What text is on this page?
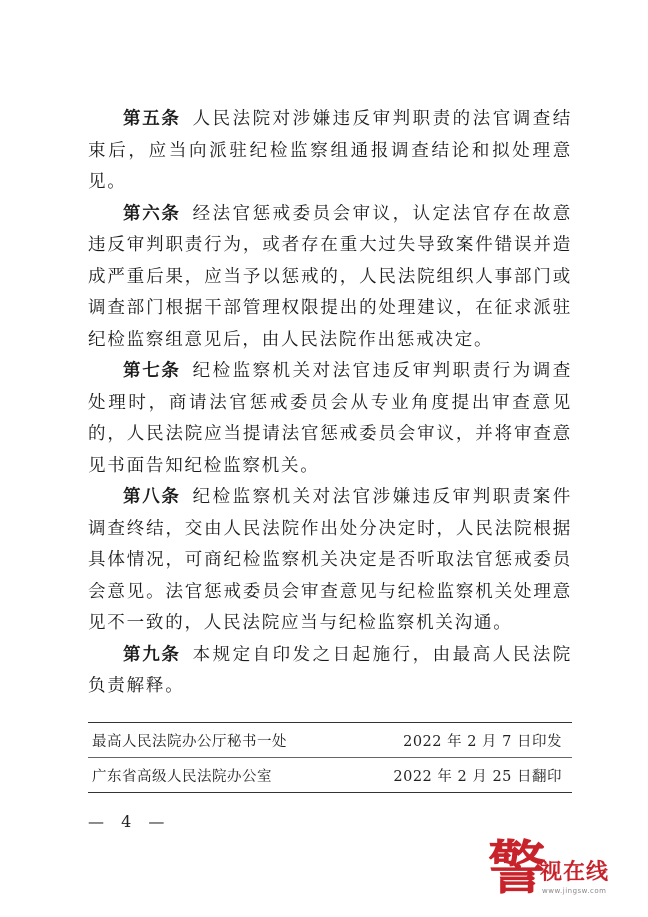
第五条 人民法院对涉嫌违反审判职责的法官调查结束后，应当向派驻纪检监察组通报调查结论和拟处理意见。

第六条 经法官惩戒委员会审议，认定法官存在故意违反审判职责行为，或者存在重大过失导致案件错误并造成严重后果，应当予以惩戒的，人民法院组织人事部门或调查部门根据干部管理权限提出的处理建议，在征求派驻纪检监察组意见后，由人民法院作出惩戒决定。

第七条 纪检监察机关对法官违反审判职责行为调查处理时，商请法官惩戒委员会从专业角度提出审查意见的，人民法院应当提请法官惩戒委员会审议，并将审查意见书面告知纪检监察机关。

第八条 纪检监察机关对法官涉嫌违反审判职责案件调查终结，交由人民法院作出处分决定时，人民法院根据具体情况，可商纪检监察机关决定是否听取法官惩戒委员会意见。法官惩戒委员会审查意见与纪检监察机关处理意见不一致的，人民法院应当与纪检监察机关沟通。

第九条 本规定自印发之日起施行，由最高人民法院负责解释。

最高人民法院办公厅秘书一处	2022 年 2 月 7 日印发
广东省高级人民法院办公室	2022 年 2 月 25 日翻印
— 4 —
警
视在线
www.jingsw.com
